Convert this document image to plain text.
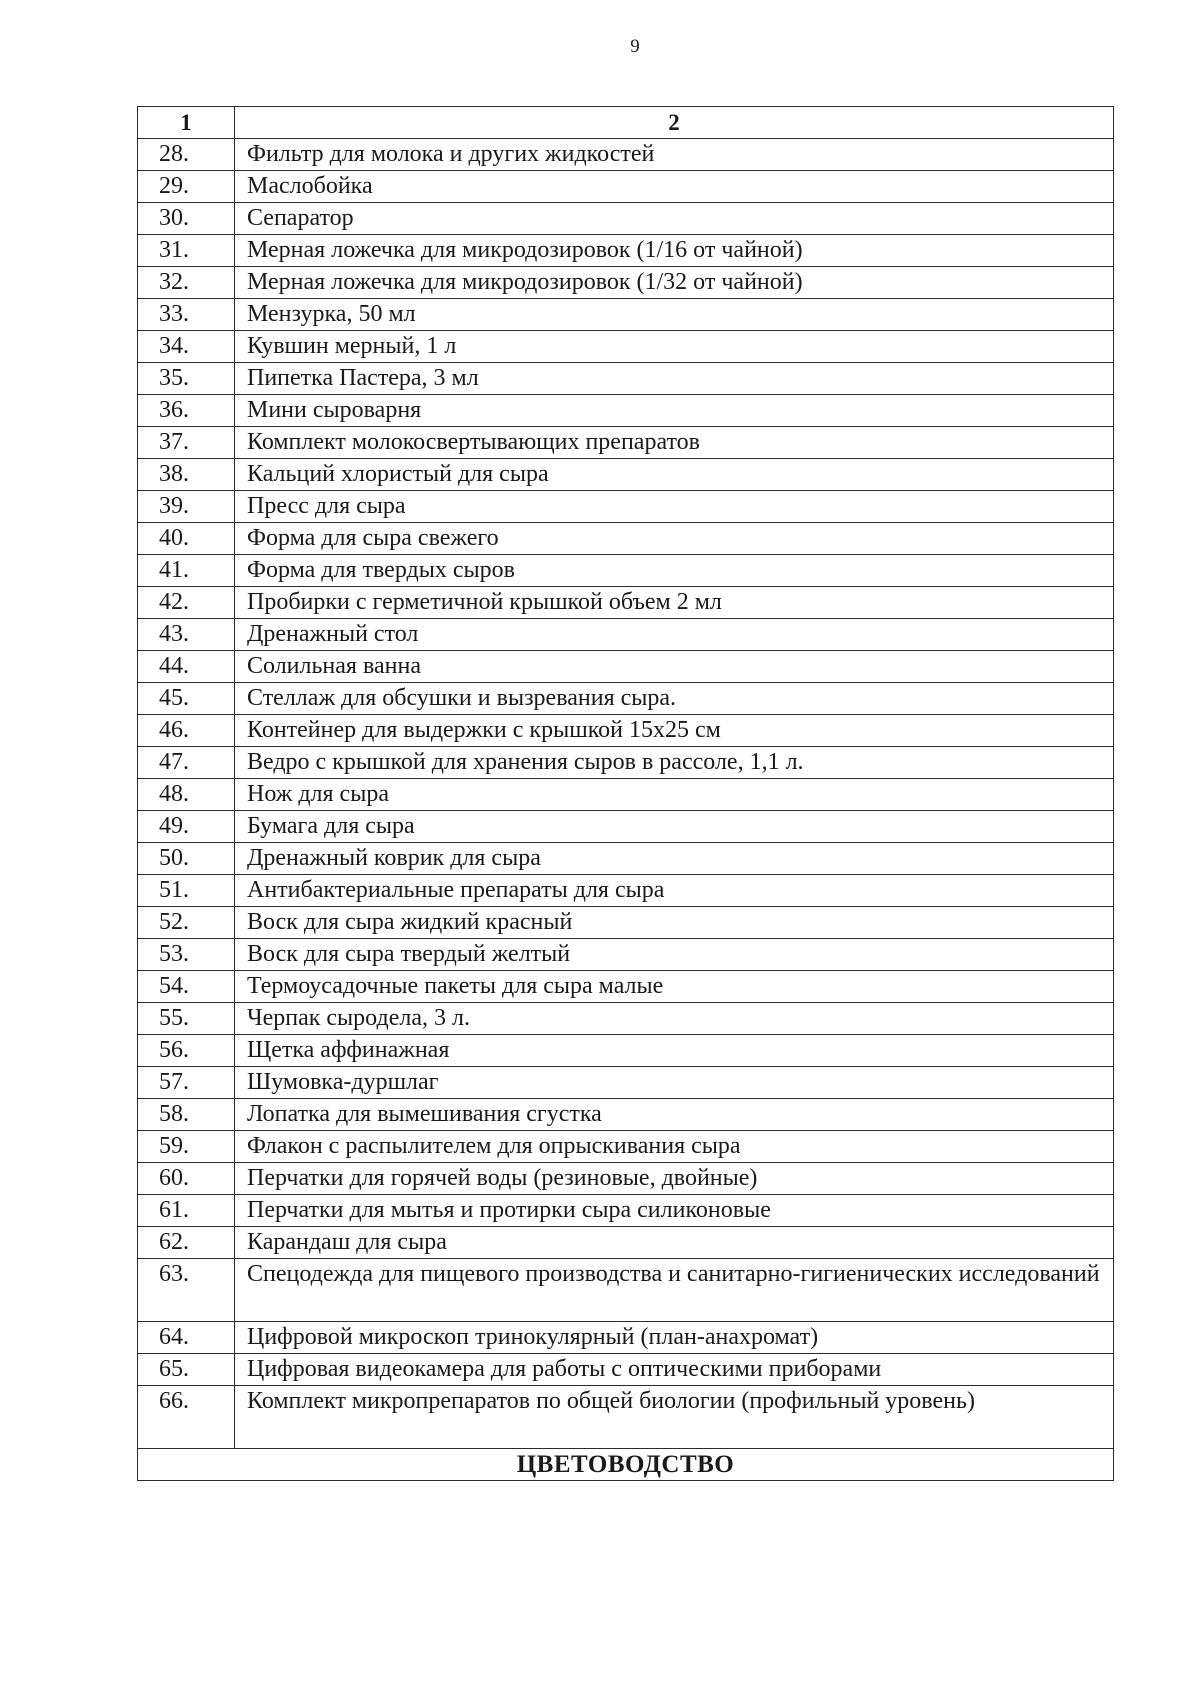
9
1	2
28.	Фильтр для молока и других жидкостей
29.	Маслобойка
30.	Сепаратор
31.	Мерная ложечка для микродозировок (1/16 от чайной)
32.	Мерная ложечка для микродозировок (1/32 от чайной)
33.	Мензурка, 50 мл
34.	Кувшин мерный, 1 л
35.	Пипетка Пастера, 3 мл
36.	Мини сыроварня
37.	Комплект молокосвертывающих препаратов
38.	Кальций хлористый для сыра
39.	Пресс для сыра
40.	Форма для сыра свежего
41.	Форма для твердых сыров
42.	Пробирки с герметичной крышкой объем 2 мл
43.	Дренажный стол
44.	Солильная ванна
45.	Стеллаж для обсушки и вызревания сыра.
46.	Контейнер для выдержки с крышкой 15х25 см
47.	Ведро с крышкой для хранения сыров в рассоле, 1,1 л.
48.	Нож для сыра
49.	Бумага для сыра
50.	Дренажный коврик для сыра
51.	Антибактериальные препараты для сыра
52.	Воск для сыра жидкий красный
53.	Воск для сыра твердый желтый
54.	Термоусадочные пакеты для сыра малые
55.	Черпак сыродела, 3 л.
56.	Щетка аффинажная
57.	Шумовка-дуршлаг
58.	Лопатка для вымешивания сгустка
59.	Флакон с распылителем для опрыскивания сыра
60.	Перчатки для горячей воды (резиновые, двойные)
61.	Перчатки для мытья и протирки сыра силиконовые
62.	Карандаш для сыра
63.	Спецодежда для пищевого производства и санитарно-гигиенических исследований
64.	Цифровой микроскоп тринокулярный (план-анахромат)
65.	Цифровая видеокамера для работы с оптическими приборами
66.	Комплект микропрепаратов по общей биологии (профильный уровень)
ЦВЕТОВОДСТВО	
